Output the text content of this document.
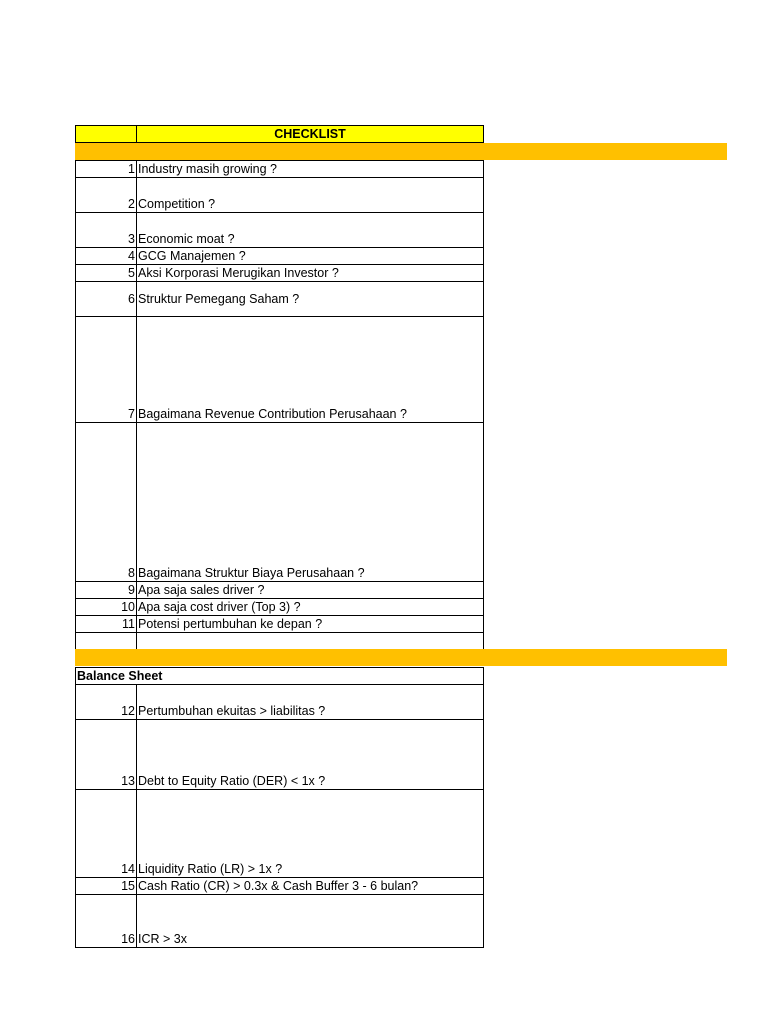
CHECKLIST
1 Industry masih growing ?
2 Competition ?
3 Economic moat ?
4 GCG Manajemen ?
5 Aksi Korporasi Merugikan Investor ?
6 Struktur Pemegang Saham ?
7 Bagaimana Revenue Contribution Perusahaan ?
8 Bagaimana Struktur Biaya Perusahaan ?
9 Apa saja sales driver ?
10 Apa saja cost driver (Top 3) ?
11 Potensi pertumbuhan ke depan ?
Balance Sheet
12 Pertumbuhan ekuitas > liabilitas ?
13 Debt to Equity Ratio (DER) < 1x ?
14 Liquidity Ratio (LR) > 1x ?
15 Cash Ratio (CR) > 0.3x & Cash Buffer 3 - 6 bulan?
16 ICR > 3x
